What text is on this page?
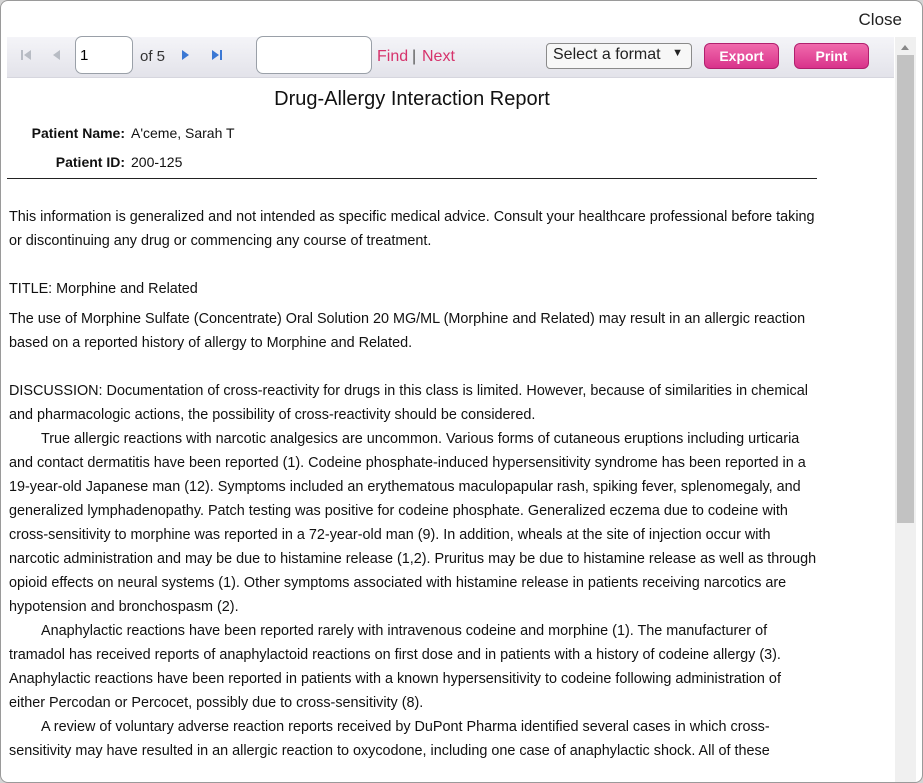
Close
1
of 5	Find | Next	Select a format ▼	Export	Print
Drug-Allergy Interaction Report
Patient Name: A'ceme, Sarah T
Patient ID: 200-125

This information is generalized and not intended as specific medical advice. Consult your healthcare professional before taking or discontinuing any drug or commencing any course of treatment.

TITLE: Morphine and Related

The use of Morphine Sulfate (Concentrate) Oral Solution 20 MG/ML (Morphine and Related) may result in an allergic reaction based on a reported history of allergy to Morphine and Related.

DISCUSSION: Documentation of cross-reactivity for drugs in this class is limited. However, because of similarities in chemical and pharmacologic actions, the possibility of cross-reactivity should be considered.

True allergic reactions with narcotic analgesics are uncommon. Various forms of cutaneous eruptions including urticaria and contact dermatitis have been reported (1). Codeine phosphate-induced hypersensitivity syndrome has been reported in a 19-year-old Japanese man (12). Symptoms included an erythematous maculopapular rash, spiking fever, splenomegaly, and generalized lymphadenopathy. Patch testing was positive for codeine phosphate. Generalized eczema due to codeine with cross-sensitivity to morphine was reported in a 72-year-old man (9). In addition, wheals at the site of injection occur with narcotic administration and may be due to histamine release (1,2). Pruritus may be due to histamine release as well as through opioid effects on neural systems (1). Other symptoms associated with histamine release in patients receiving narcotics are hypotension and bronchospasm (2).

Anaphylactic reactions have been reported rarely with intravenous codeine and morphine (1). The manufacturer of tramadol has received reports of anaphylactoid reactions on first dose and in patients with a history of codeine allergy (3). Anaphylactic reactions have been reported in patients with a known hypersensitivity to codeine following administration of either Percodan or Percocet, possibly due to cross-sensitivity (8).

A review of voluntary adverse reaction reports received by DuPont Pharma identified several cases in which cross-sensitivity may have resulted in an allergic reaction to oxycodone, including one case of anaphylactic shock. All of these
